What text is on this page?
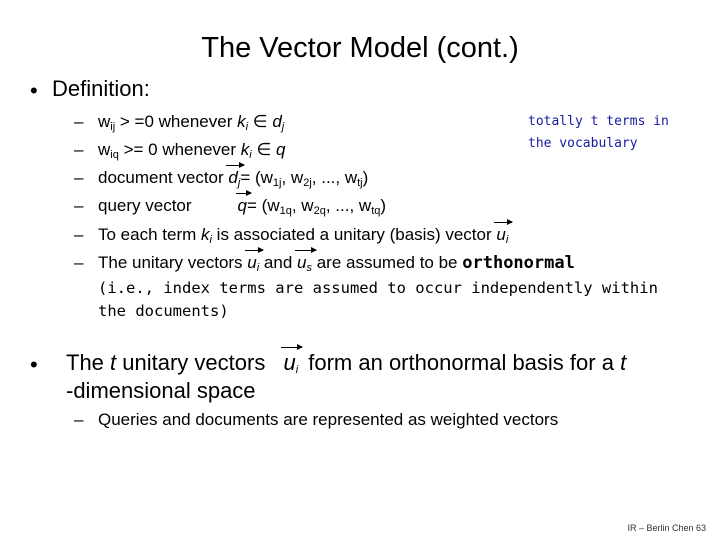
The Vector Model (cont.)
• Definition:
totally t terms in
the vocabulary
– $w_{ij} > =0$ whenever $k_i$ ∈ $d_j$
– $w_{iq} >= 0$ whenever $k_i$ ∈ q
– document vector $d_j= (w_{1j}$, $w_{2j}$, ..., $w_{tj}$)
– query vector	$q= (w_{1q}$, $w_{2q}$, ..., $w_{tq}$)
– To each term $k_i$ is associated a unitary (basis) vector $u_i$
– The unitary vectors $u_i$ and $u_s$ are assumed to be orthonormal
(i.e., index terms are assumed to occur independently within
the documents)
• The t unitary vectors $u_i$ form an orthonormal basis for a t
-dimensional space
– Queries and documents are represented as weighted vectors
IR – Berlin Chen 63
